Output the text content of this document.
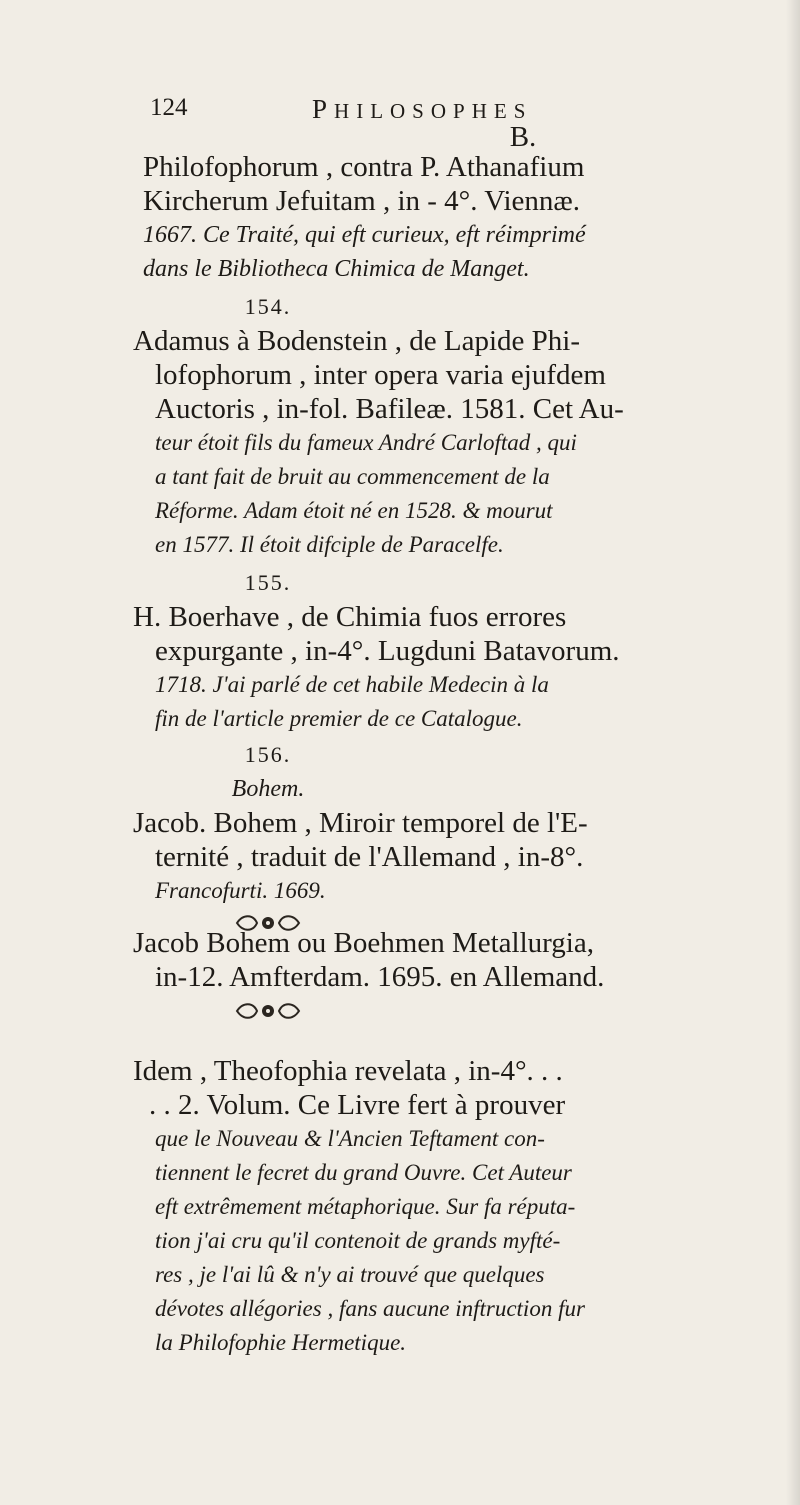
124	PHILOSOPHES
B.
Philofophorum , contra P. Athanafium
Kircherum Jefuitam , in - 4°. Viennæ.
1667. Ce Traité, qui eft curieux, eft réimprimé
dans le Bibliotheca Chimica de Manget.
154.
Adamus à Bodenstein , de Lapide Phi-
lofophorum , inter opera varia ejufdem
Auctoris , in-fol. Bafileæ. 1581. Cet Au-
teur étoit fils du fameux André Carloftad , qui
a tant fait de bruit au commencement de la
Réforme. Adam étoit né en 1528. & mourut
en 1577. Il étoit difciple de Paracelfe.
155.
H. Boerhave , de Chimia fuos errores
expurgante , in-4°. Lugduni Batavorum.
1718. J'ai parlé de cet habile Medecin à la
fin de l'article premier de ce Catalogue.
156.
Bohem.
Jacob. Bohem , Miroir temporel de l'E-
ternité , traduit de l'Allemand , in-8°.
Francofurti. 1669.
Jacob Bohem ou Boehmen Metallurgia,
in-12. Amfterdam. 1695. en Allemand.
Idem , Theofophia revelata , in-4°. . .
. . 2. Volum. Ce Livre fert à prouver
que le Nouveau & l'Ancien Teftament con-
tiennent le fecret du grand Ouvre. Cet Auteur
eft extrêmement métaphorique. Sur fa réputa-
tion j'ai cru qu'il contenoit de grands myfté-
res , je l'ai lû & n'y ai trouvé que quelques
dévotes allégories , fans aucune inftruction fur
la Philofophie Hermetique.
